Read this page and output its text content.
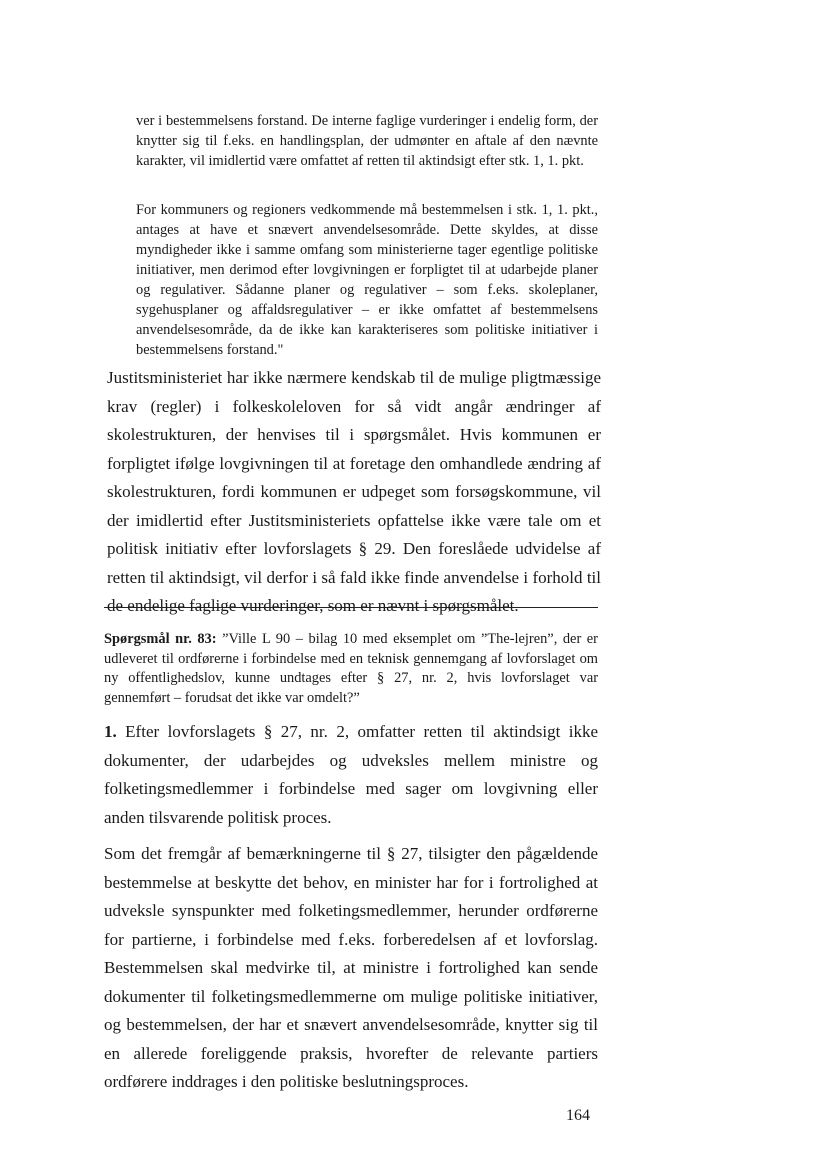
ver i bestemmelsens forstand. De interne faglige vurderinger i endelig form, der knytter sig til f.eks. en handlingsplan, der udmønter en aftale af den nævnte karakter, vil imidlertid være omfattet af retten til aktindsigt efter stk. 1, 1. pkt.

For kommuners og regioners vedkommende må bestemmelsen i stk. 1, 1. pkt., antages at have et snævert anvendelsesområde. Dette skyldes, at disse myndigheder ikke i samme omfang som ministerierne tager egentlige politiske initiativer, men derimod efter lovgivningen er forpligtet til at udarbejde planer og regulativer. Sådanne planer og regulativer – som f.eks. skoleplaner, sygehusplaner og affaldsregulativer – er ikke omfattet af bestemmelsens anvendelsesområde, da de ikke kan karakteriseres som politiske initiativer i bestemmelsens forstand."

Justitsministeriet har ikke nærmere kendskab til de mulige pligtmæssige krav (regler) i folkeskoleloven for så vidt angår ændringer af skolestrukturen, der henvises til i spørgsmålet. Hvis kommunen er forpligtet ifølge lovgivningen til at foretage den omhandlede ændring af skolestrukturen, fordi kommunen er udpeget som forsøgskommune, vil der imidlertid efter Justitsministeriets opfattelse ikke være tale om et politisk initiativ efter lovforslagets § 29. Den foreslåede udvidelse af retten til aktindsigt, vil derfor i så fald ikke finde anvendelse i forhold til de endelige faglige vurderinger, som er nævnt i spørgsmålet.

Spørgsmål nr. 83: ”Ville L 90 – bilag 10 med eksemplet om ”The-lejren”, der er udleveret til ordførerne i forbindelse med en teknisk gennemgang af lovforslaget om ny offentlighedslov, kunne undtages efter § 27, nr. 2, hvis lovforslaget var gennemført – forudsat det ikke var omdelt?”

1. Efter lovforslagets § 27, nr. 2, omfatter retten til aktindsigt ikke dokumenter, der udarbejdes og udveksles mellem ministre og folketingsmedlemmer i forbindelse med sager om lovgivning eller anden tilsvarende politisk proces.

Som det fremgår af bemærkningerne til § 27, tilsigter den pågældende bestemmelse at beskytte det behov, en minister har for i fortrolighed at udveksle synspunkter med folketingsmedlemmer, herunder ordførerne for partierne, i forbindelse med f.eks. forberedelsen af et lovforslag. Bestemmelsen skal medvirke til, at ministre i fortrolighed kan sende dokumenter til folketingsmedlemmerne om mulige politiske initiativer, og bestemmelsen, der har et snævert anvendelsesområde, knytter sig til en allerede foreliggende praksis, hvorefter de relevante partiers ordførere inddrages i den politiske beslutningsproces.

164
